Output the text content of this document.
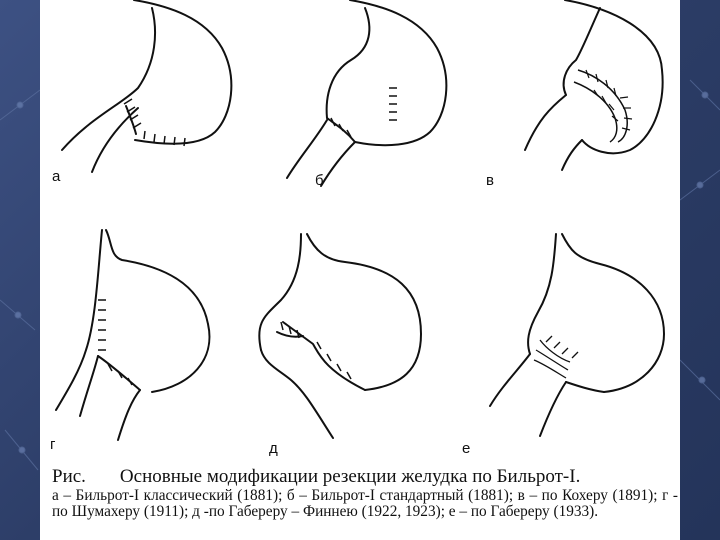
а	б	в
г	д	е
Рис. Основные модификации резекции желудка по Бильрот-I.
а – Бильрот-I классический (1881); б – Бильрот-I стандартный (1881); в – по Кохеру (1891); г - по Шумахеру (1911); д -по Габереру – Финнею (1922, 1923); е – по Габереру (1933).
